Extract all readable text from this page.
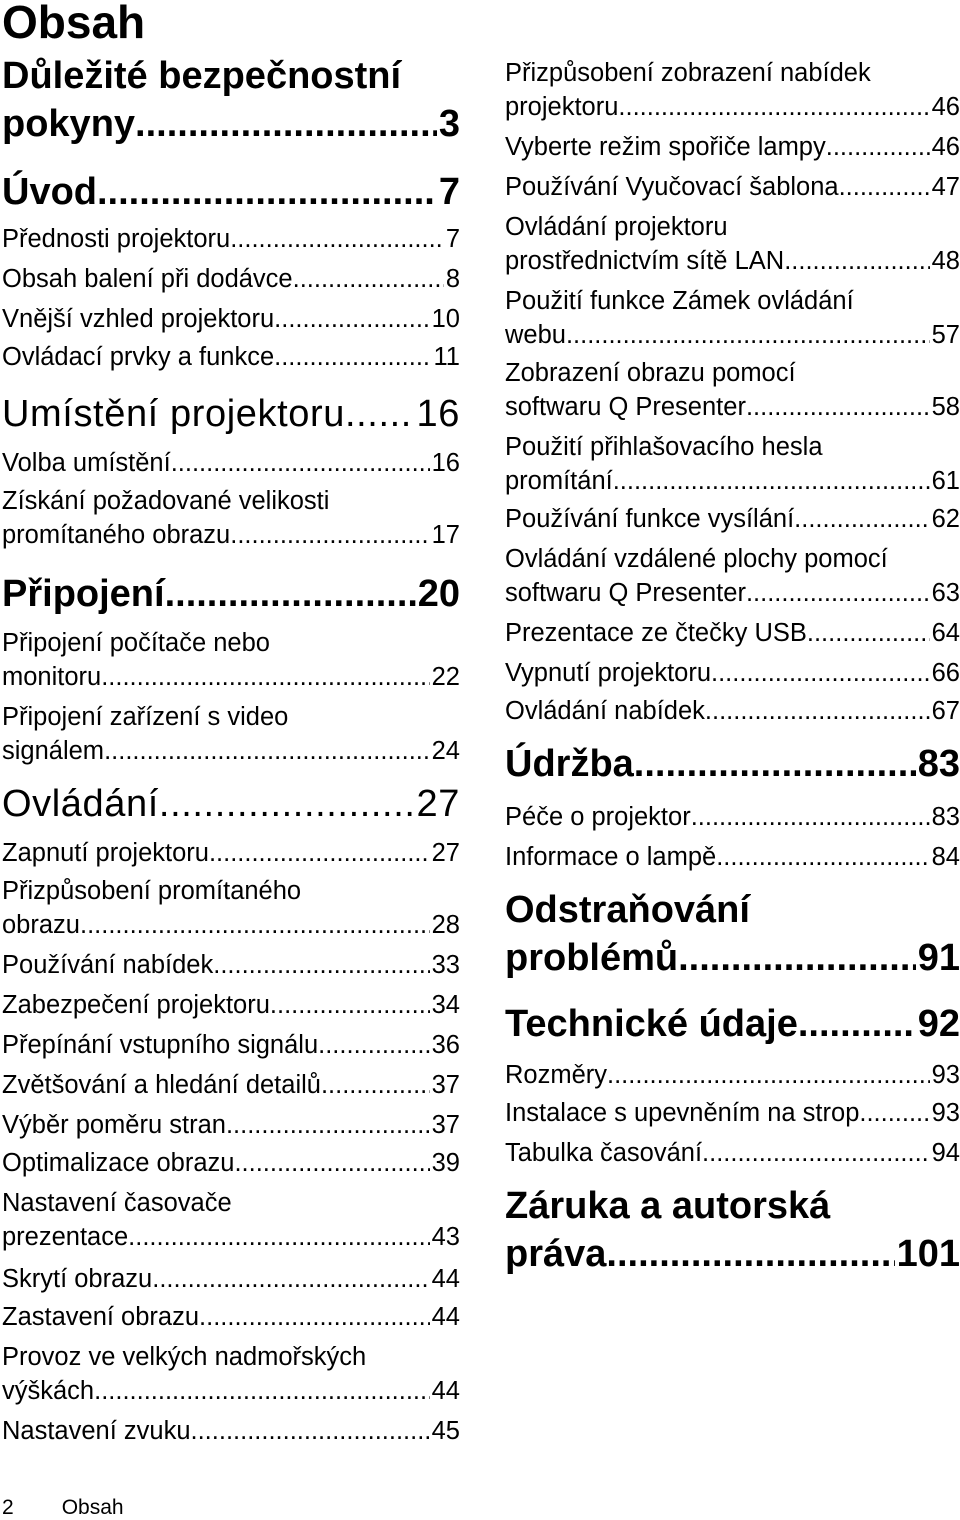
Obsah
Důležité bezpečnostní
pokyny .....	3
Úvod .....	7
Přednosti projektoru .....	7
Obsah balení při dodávce .....	8
Vnější vzhled projektoru .....	10
Ovládací prvky a funkce .....	11
Umístění projektoru ..... 16
Volba umístění .....	16
Získání požadované velikosti
promítaného obrazu .....	17
Připojení .....	20
Připojení počítače nebo
monitoru .....	22
Připojení zařízení s video
signálem .....	24
Ovládání .....	27
Zapnutí projektoru .....	27
Přizpůsobení promítaného
obrazu .....	28
Používání nabídek .....	33
Zabezpečení projektoru .....	34
Přepínání vstupního signálu .....	36
Zvětšování a hledání detailů .....	37
Výběr poměru stran .....	37
Optimalizace obrazu .....	39
Nastavení časovače
prezentace .....	43
Skrytí obrazu .....	44
Zastavení obrazu .....	44
Provoz ve velkých nadmořských
výškách .....	44
Nastavení zvuku .....	45
Přizpůsobení zobrazení nabídek
projektoru .....	46
Vyberte režim spořiče lampy .....	46
Používání Vyučovací šablona .....	47
Ovládání projektoru
prostřednictvím sítě LAN .....	48
Použití funkce Zámek ovládání
webu .....	57
Zobrazení obrazu pomocí
softwaru Q Presenter .....	58
Použití přihlašovacího hesla
promítání .....	61
Používání funkce vysílání .....	62
Ovládání vzdálené plochy pomocí
softwaru Q Presenter .....	63
Prezentace ze čtečky USB .....	64
Vypnutí projektoru .....	66
Ovládání nabídek .....	67
Údržba .....	83
Péče o projektor .....	83
Informace o lampě .....	84
Odstraňování
problémů .....	91
Technické údaje .....	92
Rozměry .....	93
Instalace s upevněním na strop .....	93
Tabulka časování .....	94
Záruka a autorská
práva .....	101
2 Obsah
